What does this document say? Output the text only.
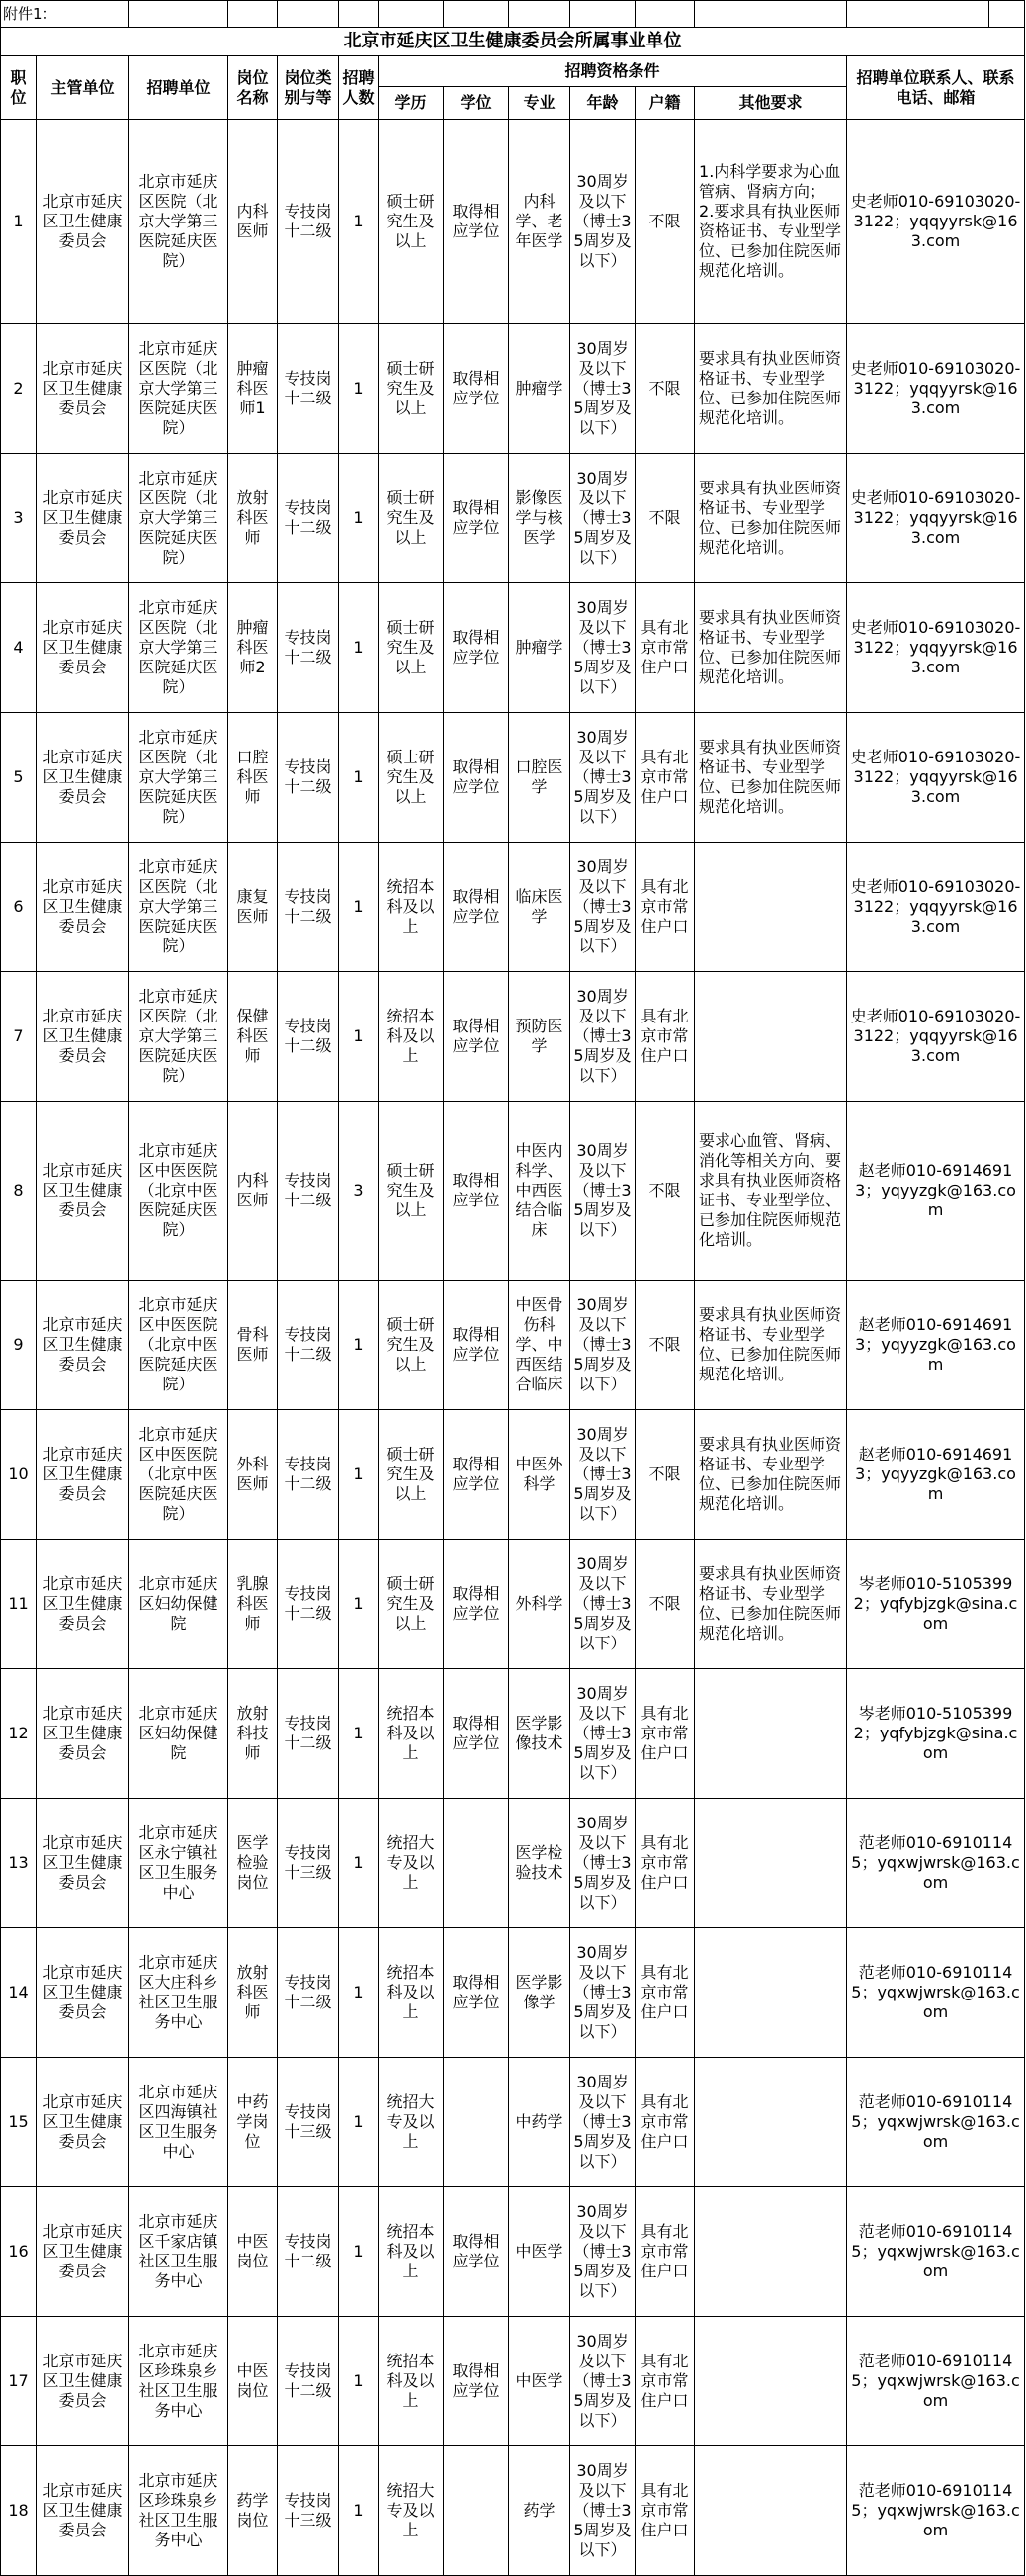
附件1：													
北京市延庆区卫生健康委员会所属事业单位													
职位	主管单位	招聘单位	岗位名称	岗位类别与等	招聘人数	招聘资格条件						招聘单位联系人、联系电话、邮箱	
						学历	学位	专业	年龄	户籍	其他要求		
1	北京市延庆区卫生健康委员会	北京市延庆区医院（北京大学第三医院延庆医院）	内科医师	专技岗十二级	1	硕士研究生及以上	取得相应学位	内科学、老年医学	30周岁及以下（博士35周岁及以下）	不限	1.内科学要求为心血管病、肾病方向；
2.要求具有执业医师资格证书、专业型学位、已参加住院医师规范化培训。	史老师010-69103020-3122；yqqyyrsk@163.com	
2	北京市延庆区卫生健康委员会	北京市延庆区医院（北京大学第三医院延庆医院）	肿瘤科医师1	专技岗十二级	1	硕士研究生及以上	取得相应学位	肿瘤学	30周岁及以下（博士35周岁及以下）	不限	要求具有执业医师资格证书、专业型学位、已参加住院医师规范化培训。	史老师010-69103020-3122；yqqyyrsk@163.com	
3	北京市延庆区卫生健康委员会	北京市延庆区医院（北京大学第三医院延庆医院）	放射科医师	专技岗十二级	1	硕士研究生及以上	取得相应学位	影像医学与核医学	30周岁及以下（博士35周岁及以下）	不限	要求具有执业医师资格证书、专业型学位、已参加住院医师规范化培训。	史老师010-69103020-3122；yqqyyrsk@163.com	
4	北京市延庆区卫生健康委员会	北京市延庆区医院（北京大学第三医院延庆医院）	肿瘤科医师2	专技岗十二级	1	硕士研究生及以上	取得相应学位	肿瘤学	30周岁及以下（博士35周岁及以下）	具有北京市常住户口	要求具有执业医师资格证书、专业型学位、已参加住院医师规范化培训。	史老师010-69103020-3122；yqqyyrsk@163.com	
5	北京市延庆区卫生健康委员会	北京市延庆区医院（北京大学第三医院延庆医院）	口腔科医师	专技岗十二级	1	硕士研究生及以上	取得相应学位	口腔医学	30周岁及以下（博士35周岁及以下）	具有北京市常住户口	要求具有执业医师资格证书、专业型学位、已参加住院医师规范化培训。	史老师010-69103020-3122；yqqyyrsk@163.com	
6	北京市延庆区卫生健康委员会	北京市延庆区医院（北京大学第三医院延庆医院）	康复医师	专技岗十二级	1	统招本科及以上	取得相应学位	临床医学	30周岁及以下（博士35周岁及以下）	具有北京市常住户口		史老师010-69103020-3122；yqqyyrsk@163.com	
7	北京市延庆区卫生健康委员会	北京市延庆区医院（北京大学第三医院延庆医院）	保健科医师	专技岗十二级	1	统招本科及以上	取得相应学位	预防医学	30周岁及以下（博士35周岁及以下）	具有北京市常住户口		史老师010-69103020-3122；yqqyyrsk@163.com	
8	北京市延庆区卫生健康委员会	北京市延庆区中医医院（北京中医医院延庆医院）	内科医师	专技岗十二级	3	硕士研究生及以上	取得相应学位	中医内科学、中西医结合临床	30周岁及以下（博士35周岁及以下）	不限	要求心血管、肾病、消化等相关方向、要求具有执业医师资格证书、专业型学位、已参加住院医师规范化培训。	赵老师010-69146913；yqyyzgk@163.com	
9	北京市延庆区卫生健康委员会	北京市延庆区中医医院（北京中医医院延庆医院）	骨科医师	专技岗十二级	1	硕士研究生及以上	取得相应学位	中医骨伤科学、中西医结合临床	30周岁及以下（博士35周岁及以下）	不限	要求具有执业医师资格证书、专业型学位、已参加住院医师规范化培训。	赵老师010-69146913；yqyyzgk@163.com	
10	北京市延庆区卫生健康委员会	北京市延庆区中医医院（北京中医医院延庆医院）	外科医师	专技岗十二级	1	硕士研究生及以上	取得相应学位	中医外科学	30周岁及以下（博士35周岁及以下）	不限	要求具有执业医师资格证书、专业型学位、已参加住院医师规范化培训。	赵老师010-69146913；yqyyzgk@163.com	
11	北京市延庆区卫生健康委员会	北京市延庆区妇幼保健院	乳腺科医师	专技岗十二级	1	硕士研究生及以上	取得相应学位	外科学	30周岁及以下（博士35周岁及以下）	不限	要求具有执业医师资格证书、专业型学位、已参加住院医师规范化培训。	岑老师010-51053992；yqfybjzgk@sina.com	
12	北京市延庆区卫生健康委员会	北京市延庆区妇幼保健院	放射科技师	专技岗十二级	1	统招本科及以上	取得相应学位	医学影像技术	30周岁及以下（博士35周岁及以下）	具有北京市常住户口		岑老师010-51053992；yqfybjzgk@sina.com	
13	北京市延庆区卫生健康委员会	北京市延庆区永宁镇社区卫生服务中心	医学检验岗位	专技岗十三级	1	统招大专及以上		医学检验技术	30周岁及以下（博士35周岁及以下）	具有北京市常住户口		范老师010-69101145；yqxwjwrsk@163.com	
14	北京市延庆区卫生健康委员会	北京市延庆区大庄科乡社区卫生服务中心	放射科医师	专技岗十二级	1	统招本科及以上	取得相应学位	医学影像学	30周岁及以下（博士35周岁及以下）	具有北京市常住户口		范老师010-69101145；yqxwjwrsk@163.com	
15	北京市延庆区卫生健康委员会	北京市延庆区四海镇社区卫生服务中心	中药学岗位	专技岗十三级	1	统招大专及以上		中药学	30周岁及以下（博士35周岁及以下）	具有北京市常住户口		范老师010-69101145；yqxwjwrsk@163.com	
16	北京市延庆区卫生健康委员会	北京市延庆区千家店镇社区卫生服务中心	中医岗位	专技岗十二级	1	统招本科及以上	取得相应学位	中医学	30周岁及以下（博士35周岁及以下）	具有北京市常住户口		范老师010-69101145；yqxwjwrsk@163.com	
17	北京市延庆区卫生健康委员会	北京市延庆区珍珠泉乡社区卫生服务中心	中医岗位	专技岗十二级	1	统招本科及以上	取得相应学位	中医学	30周岁及以下（博士35周岁及以下）	具有北京市常住户口		范老师010-69101145；yqxwjwrsk@163.com	
18	北京市延庆区卫生健康委员会	北京市延庆区珍珠泉乡社区卫生服务中心	药学岗位	专技岗十三级	1	统招大专及以上		药学	30周岁及以下（博士35周岁及以下）	具有北京市常住户口		范老师010-69101145；yqxwjwrsk@163.com	
